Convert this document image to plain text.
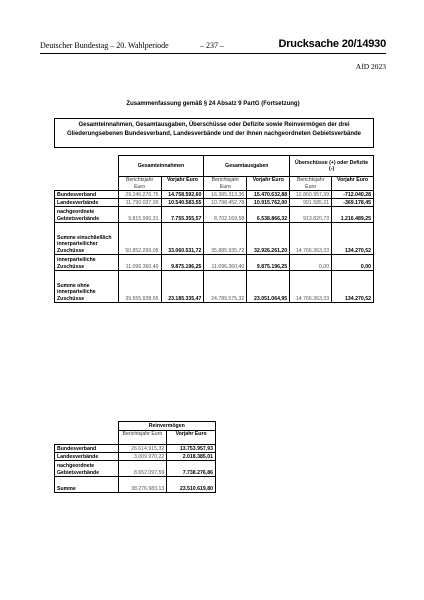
Deutscher Bundestag – 20. Wahlperiode	– 237 –	Drucksache 20/14930
AfD 2023
Zusammenfassung gemäß § 24 Absatz 9 PartG (Fortsetzung)
Gesamteinnahmen, Gesamtausgaben, Überschüsse oder Defizite sowie Reinvermögen der drei Gliederungsebenen Bundesverband, Landesverbände und der ihnen nachgeordneten Gebietsverbände
	Gesamteinnahmen		Gesamtausgaben		Überschüsse (+) oder Defizite (-)	
	Berichtsjahr Euro	Vorjahr Euro	Berichtsjahr Euro	Vorjahr Euro	Berichtsjahr Euro	Vorjahr Euro
Bundesverband	29.246.270,75	14.758.592,60	16.385.313,36	15.470.632,88	12.860.957,39	-712.040,28
Landesverbände	11.790.037,99	10.540.583,55	10.798.452,78	10.915.762,00	991.585,21	-369.178,45
nachgeordnete Gebietsverbände	9.815.990,31	7.755.355,57	8.702.169,58	6.538.866,32	913.820,73	1.216.489,25
Summe einschließlich innerparteilicher Zuschüsse	50.852.299,05	33.060.531,72	35.885.935,72	32.926.261,20	14.766.363,33	134.270,52
innerparteiliche Zuschüsse	11.096.360,40	9.875.196,25	11.096.360,40	9.875.196,25	0,00	0,00
Summe ohne innerparteiliche Zuschüsse	39.555.938,65	23.185.335,47	24.789.575,32	23.051.064,95	14.766.363,33	134.270,52
	Reinvermögen	
	Berichtsjahr Euro	Vorjahr Euro
Bundesverband	26.614.915,32	13.753.957,93
Landesverbände	3.009.970,22	2.018.385,01
nachgeordnete Gebietsverbände	8.652.097,59	7.738.276,86
Summe	38.276.983,13	23.510.619,80
